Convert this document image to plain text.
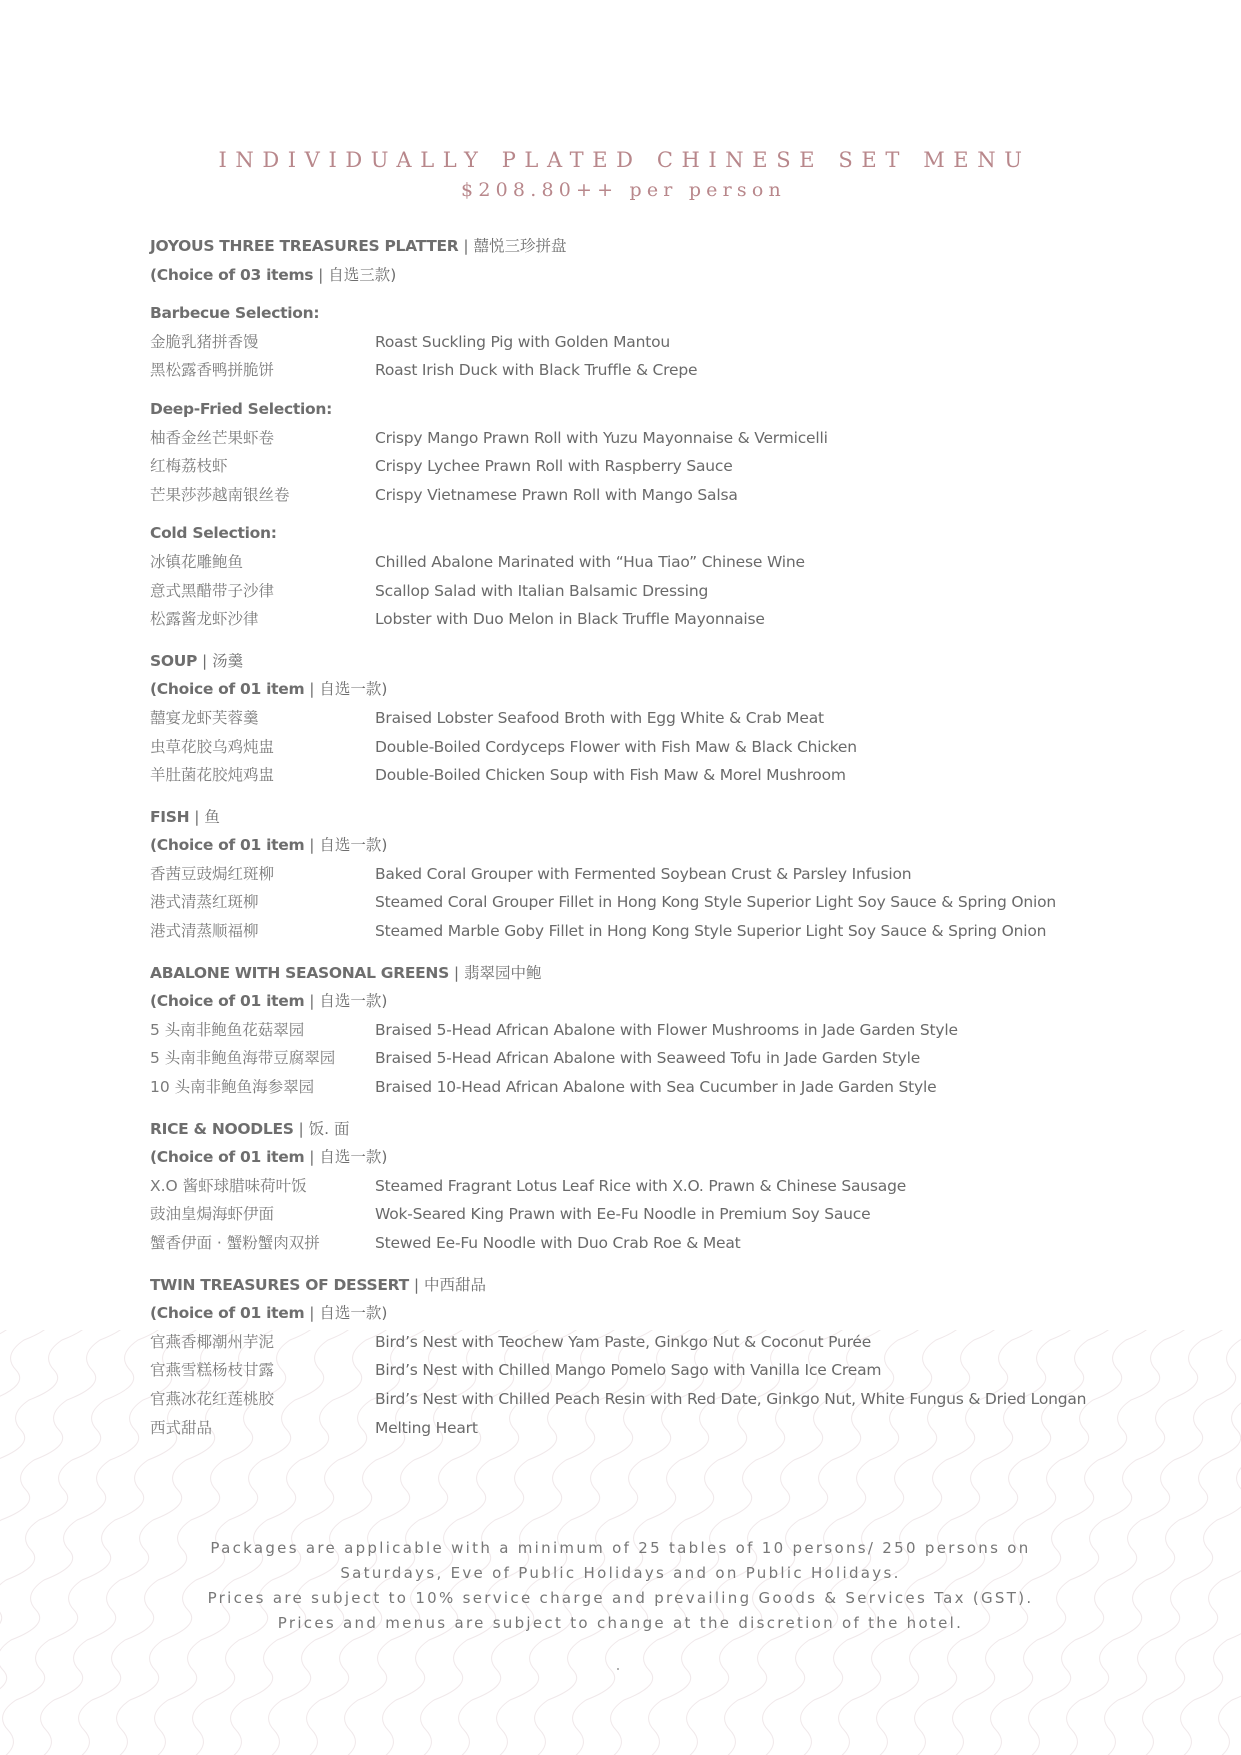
INDIVIDUALLY PLATED CHINESE SET MENU
$208.80++ per person
JOYOUS THREE TREASURES PLATTER | 囍悦三珍拼盘
(Choice of 03 items | 自选三款)
Barbecue Selection:
金脆乳猪拼香馒	Roast Suckling Pig with Golden Mantou
黑松露香鸭拼脆饼	Roast Irish Duck with Black Truffle & Crepe
Deep-Fried Selection:
柚香金丝芒果虾卷	Crispy Mango Prawn Roll with Yuzu Mayonnaise & Vermicelli
红梅荔枝虾	Crispy Lychee Prawn Roll with Raspberry Sauce
芒果莎莎越南银丝卷	Crispy Vietnamese Prawn Roll with Mango Salsa
Cold Selection:
冰镇花雕鲍鱼	Chilled Abalone Marinated with “Hua Tiao” Chinese Wine
意式黑醋带子沙律	Scallop Salad with Italian Balsamic Dressing
松露酱龙虾沙律	Lobster with Duo Melon in Black Truffle Mayonnaise
SOUP | 汤羹
(Choice of 01 item | 自选一款)
囍宴龙虾芙蓉羹	Braised Lobster Seafood Broth with Egg White & Crab Meat
虫草花胶乌鸡炖盅	Double-Boiled Cordyceps Flower with Fish Maw & Black Chicken
羊肚菌花胶炖鸡盅	Double-Boiled Chicken Soup with Fish Maw & Morel Mushroom
FISH | 鱼
(Choice of 01 item | 自选一款)
香茜豆豉焗红斑柳	Baked Coral Grouper with Fermented Soybean Crust & Parsley Infusion
港式清蒸红斑柳	Steamed Coral Grouper Fillet in Hong Kong Style Superior Light Soy Sauce & Spring Onion
港式清蒸顺福柳	Steamed Marble Goby Fillet in Hong Kong Style Superior Light Soy Sauce & Spring Onion
ABALONE WITH SEASONAL GREENS | 翡翠园中鲍
(Choice of 01 item | 自选一款)
5 头南非鲍鱼花菇翠园	Braised 5-Head African Abalone with Flower Mushrooms in Jade Garden Style
5 头南非鲍鱼海带豆腐翠园	Braised 5-Head African Abalone with Seaweed Tofu in Jade Garden Style
10 头南非鲍鱼海参翠园	Braised 10-Head African Abalone with Sea Cucumber in Jade Garden Style
RICE & NOODLES | 饭. 面
(Choice of 01 item | 自选一款)
X.O 酱虾球腊味荷叶饭	Steamed Fragrant Lotus Leaf Rice with X.O. Prawn & Chinese Sausage
豉油皇焗海虾伊面	Wok-Seared King Prawn with Ee-Fu Noodle in Premium Soy Sauce
蟹香伊面 · 蟹粉蟹肉双拼	Stewed Ee-Fu Noodle with Duo Crab Roe & Meat
TWIN TREASURES OF DESSERT | 中西甜品
(Choice of 01 item | 自选一款)
官燕香椰潮州芋泥	Bird’s Nest with Teochew Yam Paste, Ginkgo Nut & Coconut Purée
官燕雪糕杨枝甘露	Bird’s Nest with Chilled Mango Pomelo Sago with Vanilla Ice Cream
官燕冰花红莲桃胶	Bird’s Nest with Chilled Peach Resin with Red Date, Ginkgo Nut, White Fungus & Dried Longan
西式甜品	Melting Heart
Packages are applicable with a minimum of 25 tables of 10 persons/ 250 persons on
Saturdays, Eve of Public Holidays and on Public Holidays.
Prices are subject to 10% service charge and prevailing Goods & Services Tax (GST).
Prices and menus are subject to change at the discretion of the hotel.
